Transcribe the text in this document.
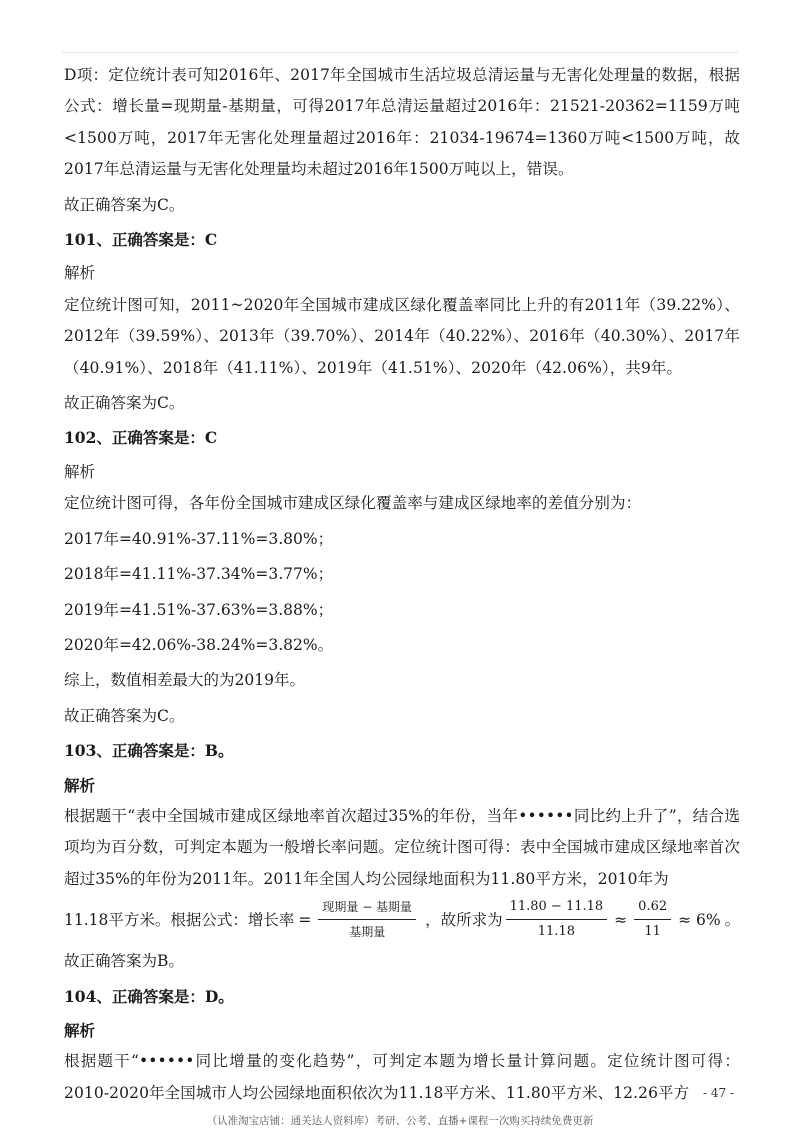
D项：定位统计表可知2016年、2017年全国城市生活垃圾总清运量与无害化处理量的数据，根据公式：增长量=现期量-基期量，可得2017年总清运量超过2016年：21521-20362=1159万吨<1500万吨，2017年无害化处理量超过2016年：21034-19674=1360万吨<1500万吨，故2017年总清运量与无害化处理量均未超过2016年1500万吨以上，错误。

故正确答案为C。

101、正确答案是：C

解析

定位统计图可知，2011~2020年全国城市建成区绿化覆盖率同比上升的有2011年（39.22%）、2012年（39.59%）、2013年（39.70%）、2014年（40.22%）、2016年（40.30%）、2017年（40.91%）、2018年（41.11%）、2019年（41.51%）、2020年（42.06%），共9年。

故正确答案为C。

102、正确答案是：C

解析

定位统计图可得，各年份全国城市建成区绿化覆盖率与建成区绿地率的差值分别为：

2017年=40.91%-37.11%=3.80%；

2018年=41.11%-37.34%=3.77%；

2019年=41.51%-37.63%=3.88%；

2020年=42.06%-38.24%=3.82%。

综上，数值相差最大的为2019年。

故正确答案为C。

103、正确答案是：B。

解析

根据题干“表中全国城市建成区绿地率首次超过35%的年份，当年••••••同比约上升了”，结合选项均为百分数，可判定本题为一般增长率问题。定位统计图可得：表中全国城市建成区绿地率首次超过35%的年份为2011年。2011年全国人均公园绿地面积为11.80平方米，2010年为

11.18平方米。根据公式：增长率 = $\frac{\text{现期量 − 基期量}}{\text{基期量}}$ ，故所求为 $\frac{11.80 - 11.18}{11.18} \approx \frac{0.62}{11} \approx 6\%$ 。

故正确答案为B。

104、正确答案是：D。

解析

根据题干“••••••同比增量的变化趋势”，可判定本题为增长量计算问题。定位统计图可得：2010-2020年全国城市人均公园绿地面积依次为11.18平方米、11.80平方米、12.26平方	- 47 -
（认准淘宝店铺：通关达人资料库）考研、公考、直播+课程一次购买持续免费更新
